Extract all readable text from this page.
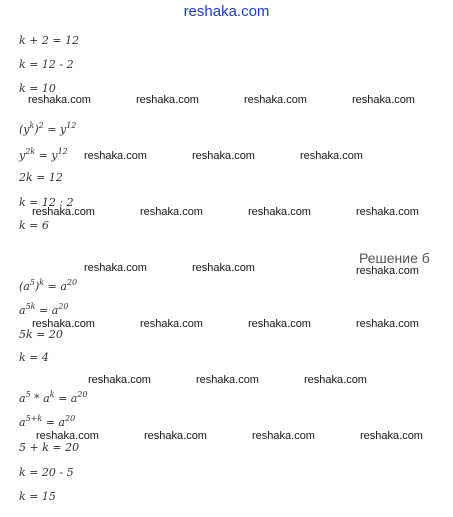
reshaka.com
k + 2 = 12
k = 12 - 2
k = 10
$(y^k)^2 = y^{12}$
$y^{2k} = y^{12}$
2k = 12
k = 12 : 2
k = 6
Решение б
$(a^5)^k = a^{20}$
$a^{5k} = a^{20}$
5k = 20
k = 4
$a^5 * a^k = a^{20}$
$a^{5+k} = a^{20}$
5 + k = 20
k = 20 - 5
k = 15
reshaka.com	reshaka.com	reshaka.com	reshaka.com
reshaka.com	reshaka.com	reshaka.com
reshaka.com	reshaka.com	reshaka.com	reshaka.com
reshaka.com	reshaka.com	reshaka.com
reshaka.com	reshaka.com	reshaka.com	reshaka.com
reshaka.com	reshaka.com	reshaka.com
reshaka.com	reshaka.com	reshaka.com	reshaka.com
